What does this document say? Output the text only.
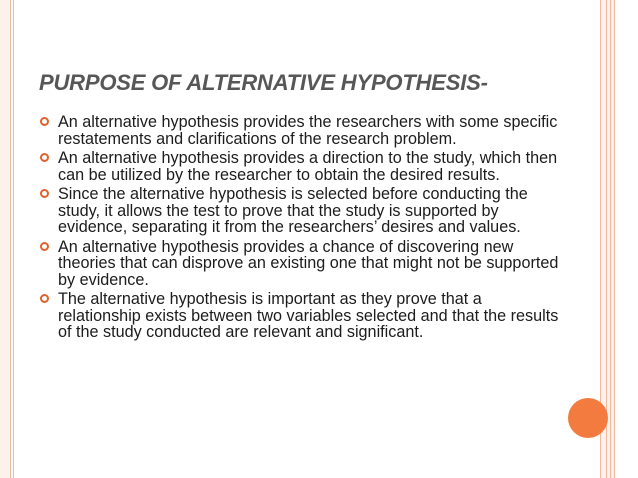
PURPOSE OF ALTERNATIVE HYPOTHESIS-
An alternative hypothesis provides the researchers with some specific restatements and clarifications of the research problem.
An alternative hypothesis provides a direction to the study, which then can be utilized by the researcher to obtain the desired results.
Since the alternative hypothesis is selected before conducting the study, it allows the test to prove that the study is supported by evidence, separating it from the researchers’ desires and values.
An alternative hypothesis provides a chance of discovering new theories that can disprove an existing one that might not be supported by evidence.
The alternative hypothesis is important as they prove that a relationship exists between two variables selected and that the results of the study conducted are relevant and significant.
